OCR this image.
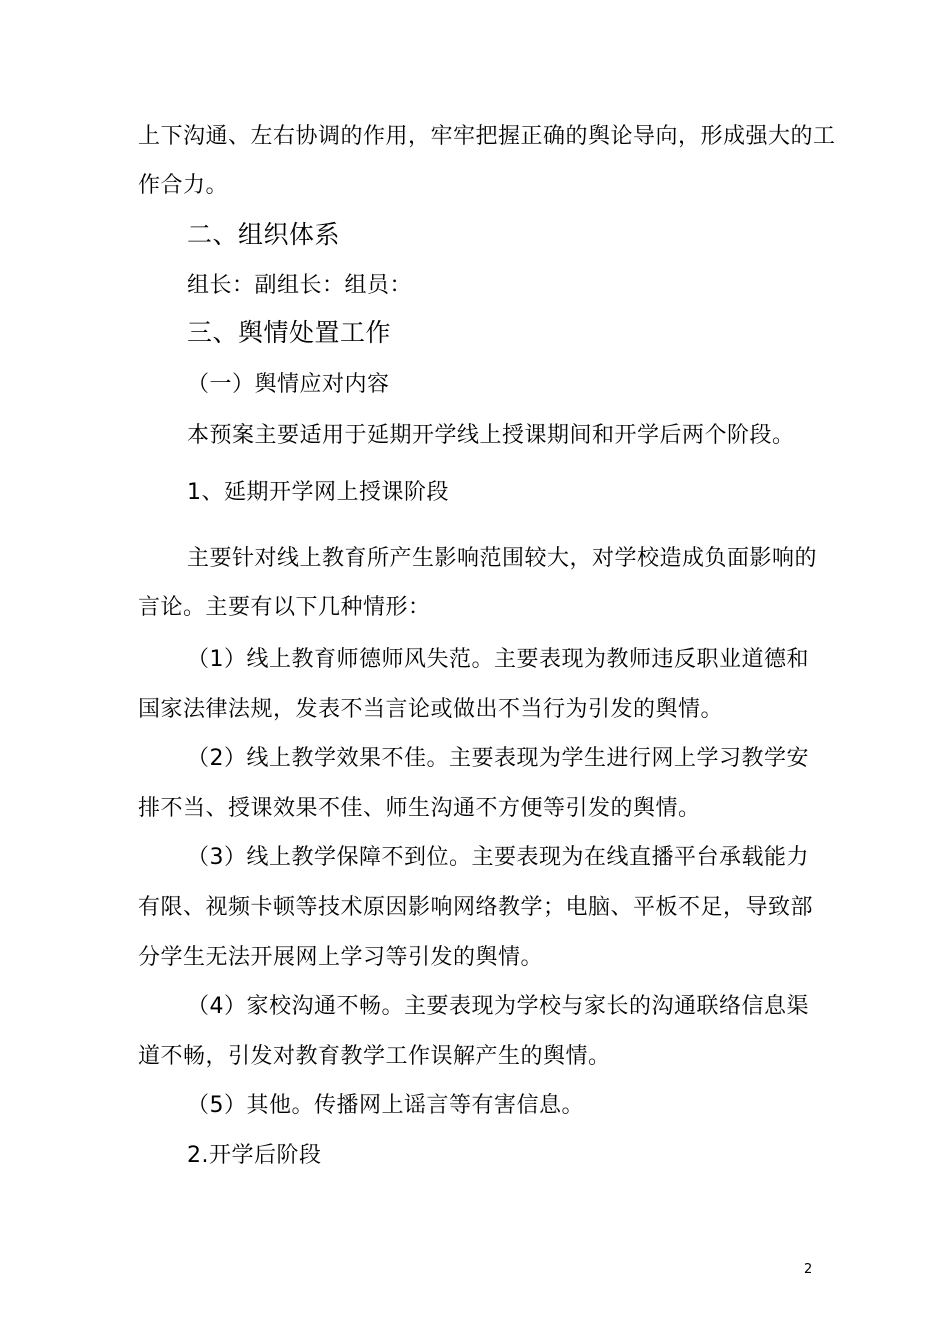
上下沟通、左右协调的作用，牢牢把握正确的舆论导向，形成强大的工
作合力。
二、组织体系
组长：副组长：组员：
三、舆情处置工作
（一）舆情应对内容
本预案主要适用于延期开学线上授课期间和开学后两个阶段。
1、延期开学网上授课阶段
主要针对线上教育所产生影响范围较大，对学校造成负面影响的
言论。主要有以下几种情形：
（1）线上教育师德师风失范。主要表现为教师违反职业道德和
国家法律法规，发表不当言论或做出不当行为引发的舆情。
（2）线上教学效果不佳。主要表现为学生进行网上学习教学安
排不当、授课效果不佳、师生沟通不方便等引发的舆情。
（3）线上教学保障不到位。主要表现为在线直播平台承载能力
有限、视频卡顿等技术原因影响网络教学；电脑、平板不足，导致部
分学生无法开展网上学习等引发的舆情。
（4）家校沟通不畅。主要表现为学校与家长的沟通联络信息渠
道不畅，引发对教育教学工作误解产生的舆情。
（5）其他。传播网上谣言等有害信息。
2.开学后阶段
2
